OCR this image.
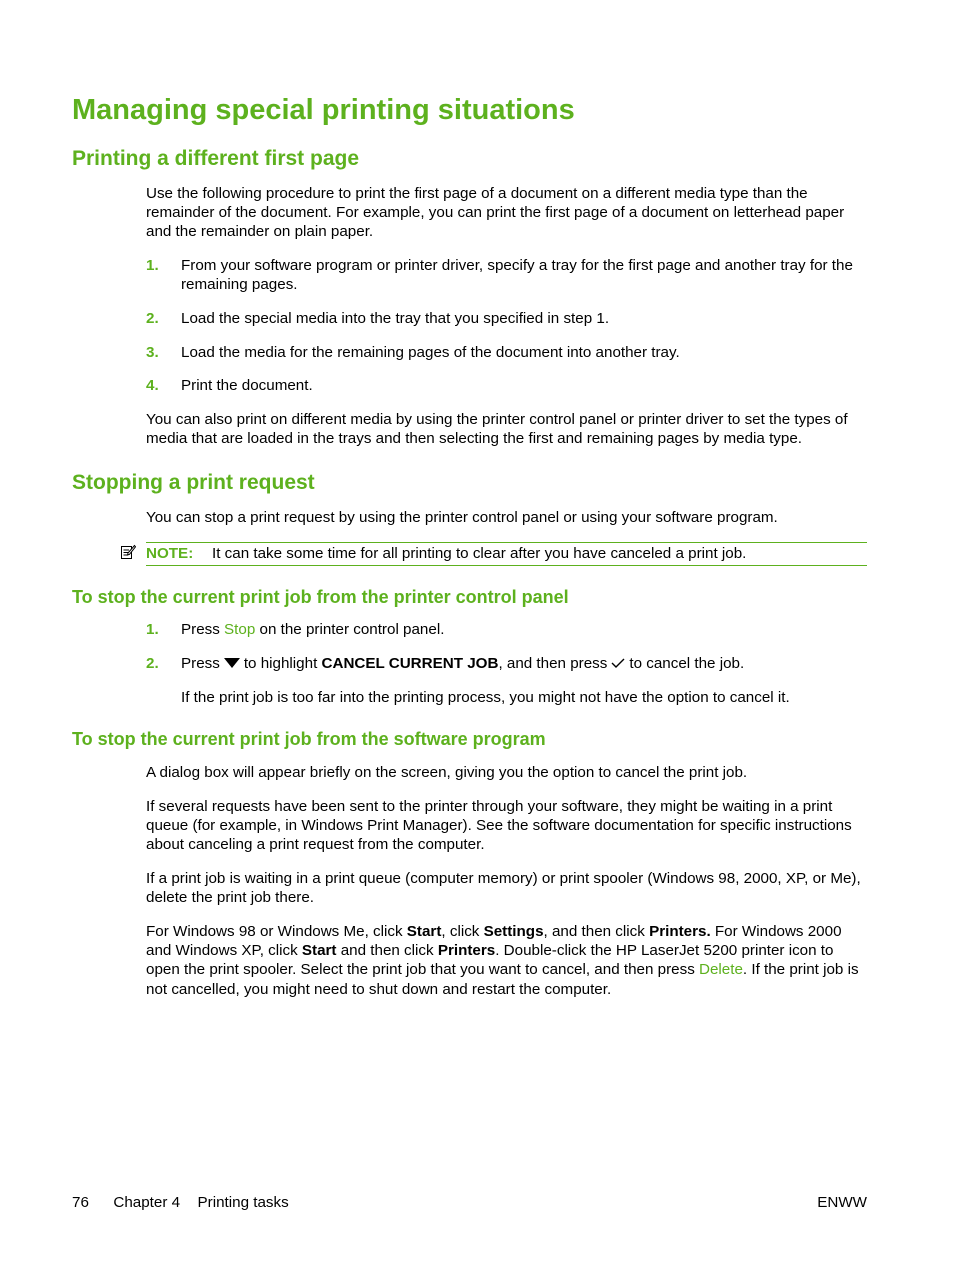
Managing special printing situations
Printing a different first page

Use the following procedure to print the first page of a document on a different media type than the remainder of the document. For example, you can print the first page of a document on letterhead paper and the remainder on plain paper.

1. From your software program or printer driver, specify a tray for the first page and another tray for the remaining pages.
2. Load the special media into the tray that you specified in step 1.
3. Load the media for the remaining pages of the document into another tray.
4. Print the document.

You can also print on different media by using the printer control panel or printer driver to set the types of media that are loaded in the trays and then selecting the first and remaining pages by media type.

Stopping a print request

You can stop a print request by using the printer control panel or using your software program.

NOTE: It can take some time for all printing to clear after you have canceled a print job.
To stop the current print job from the printer control panel
1. Press Stop on the printer control panel.
2. Press to highlight CANCEL CURRENT JOB, and then press to cancel the job.

If the print job is too far into the printing process, you might not have the option to cancel it.

To stop the current print job from the software program

A dialog box will appear briefly on the screen, giving you the option to cancel the print job.

If several requests have been sent to the printer through your software, they might be waiting in a print queue (for example, in Windows Print Manager). See the software documentation for specific instructions about canceling a print request from the computer.

If a print job is waiting in a print queue (computer memory) or print spooler (Windows 98, 2000, XP, or Me), delete the print job there.

For Windows 98 or Windows Me, click Start, click Settings, and then click Printers. For Windows 2000 and Windows XP, click Start and then click Printers. Double-click the HP LaserJet 5200 printer icon to open the print spooler. Select the print job that you want to cancel, and then press Delete. If the print job is not cancelled, you might need to shut down and restart the computer.

76 Chapter 4 Printing tasks	ENWW
